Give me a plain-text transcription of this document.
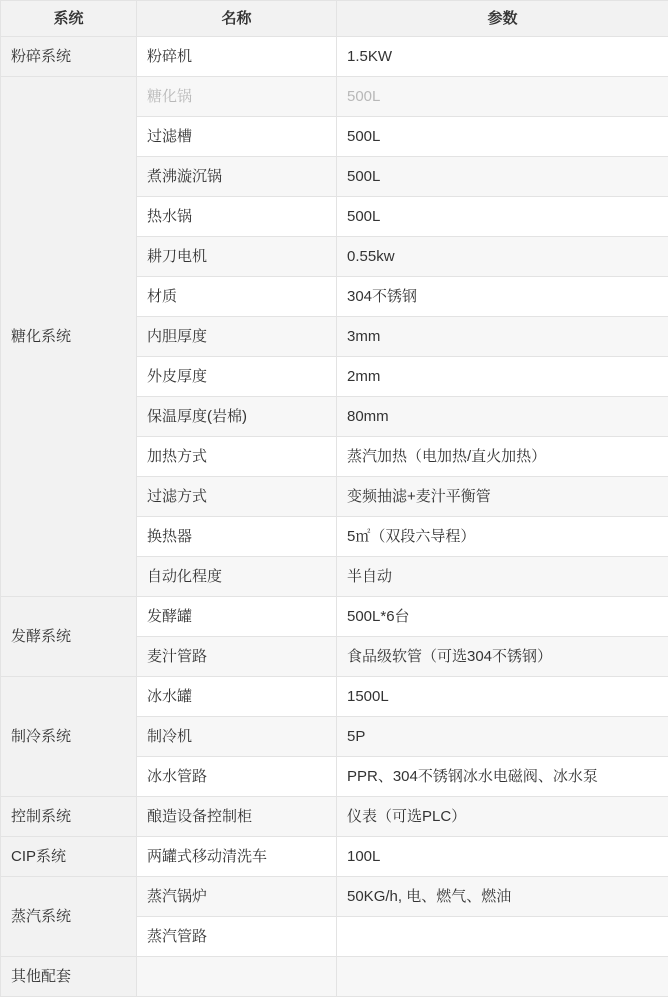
系统	名称	参数
粉碎系统	粉碎机	1.5KW
糖化系统	糖化锅	500L
	过滤槽	500L
	煮沸漩沉锅	500L
	热水锅	500L
	耕刀电机	0.55kw
	材质	304不锈钢
	内胆厚度	3mm
	外皮厚度	2mm
	保温厚度(岩棉)	80mm
	加热方式	蒸汽加热（电加热/直火加热）
	过滤方式	变频抽滤+麦汁平衡管
	换热器	5㎡（双段六导程）
	自动化程度	半自动
发酵系统	发酵罐	500L*6台
	麦汁管路	食品级软管（可选304不锈钢）
制冷系统	冰水罐	1500L
	制冷机	5P
	冰水管路	PPR、304不锈钢冰水电磁阀、冰水泵
控制系统	酿造设备控制柜	仪表（可选PLC）
CIP系统	两罐式移动清洗车	100L
蒸汽系统	蒸汽锅炉	50KG/h, 电、燃气、燃油
	蒸汽管路	
其他配套		
